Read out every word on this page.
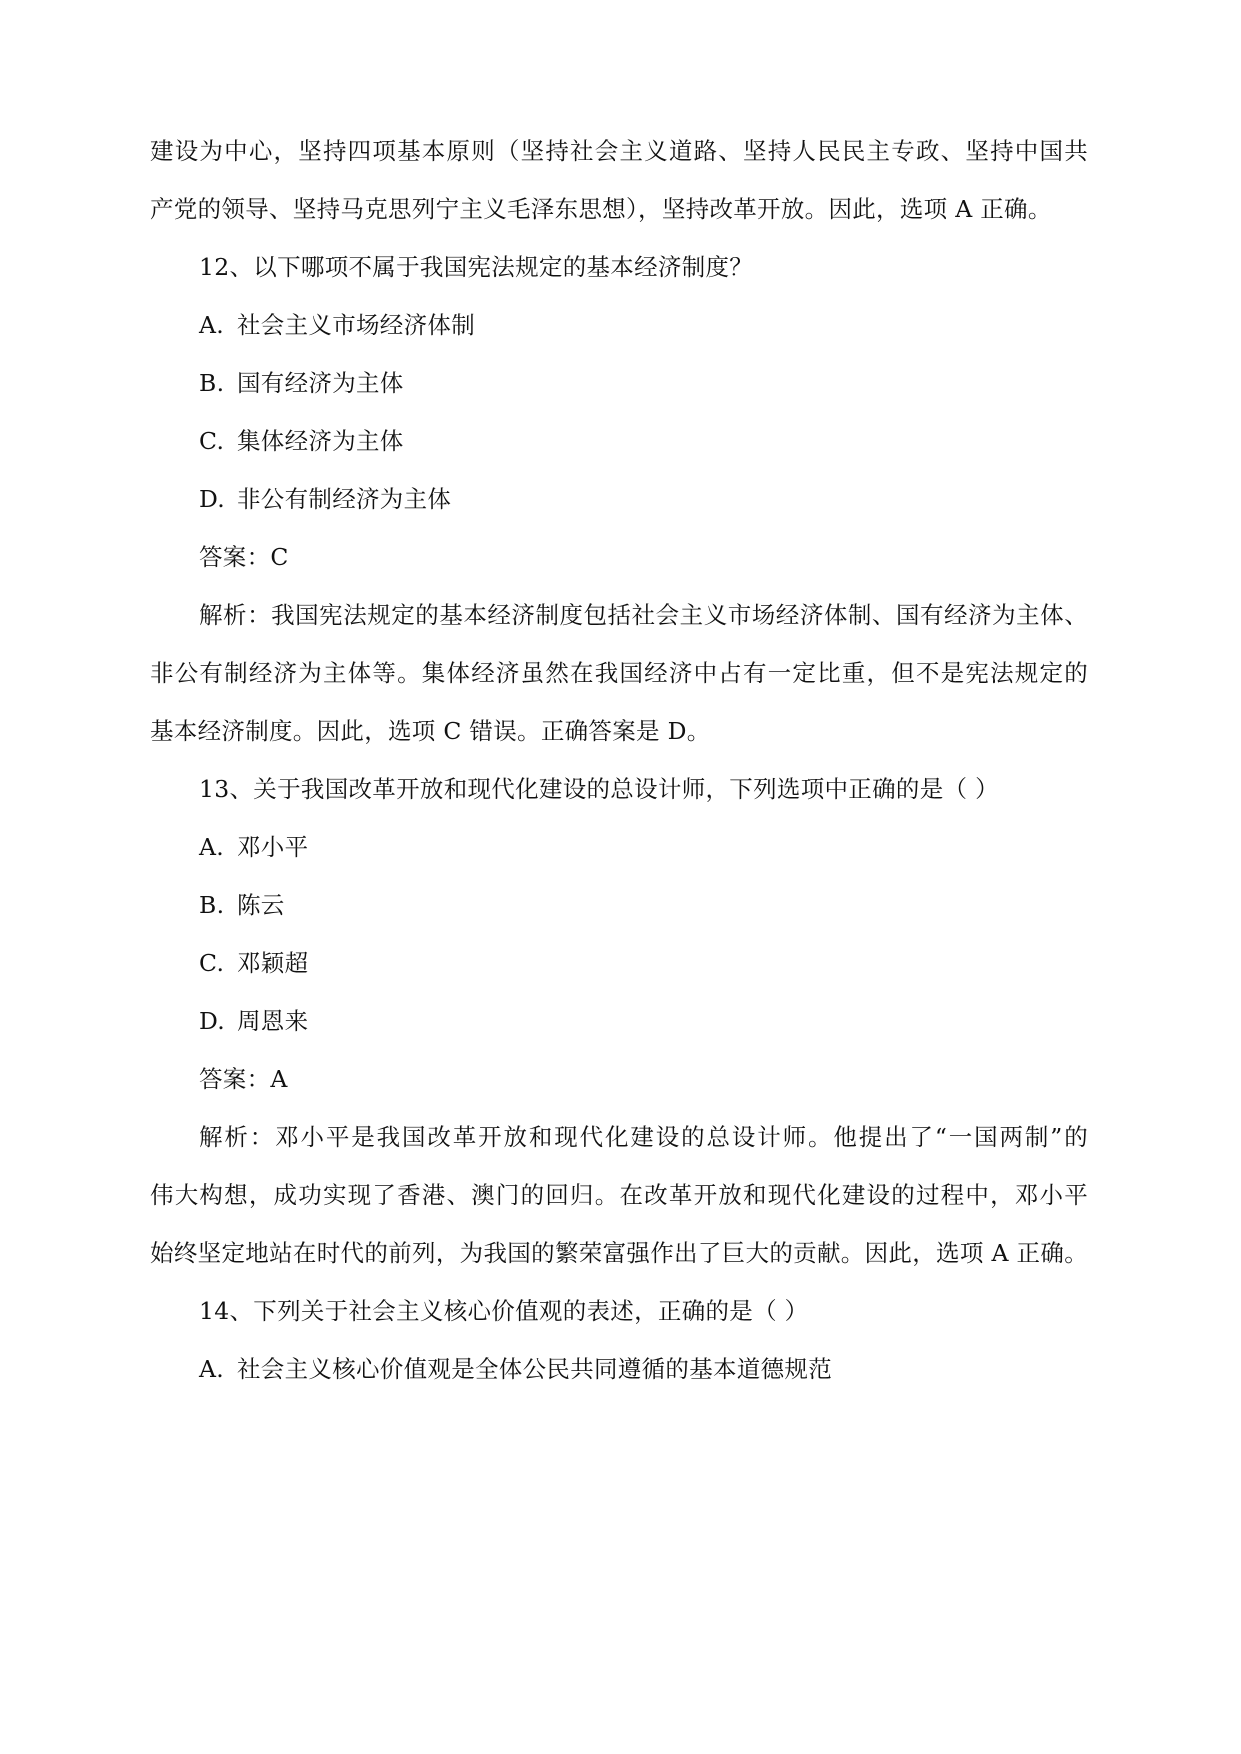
建设为中心，坚持四项基本原则（坚持社会主义道路、坚持人民民主专政、坚持中国共
产党的领导、坚持马克思列宁主义毛泽东思想），坚持改革开放。因此，选项 A 正确。
12、以下哪项不属于我国宪法规定的基本经济制度？
A. 社会主义市场经济体制
B. 国有经济为主体
C. 集体经济为主体
D. 非公有制经济为主体
答案：C
解析：我国宪法规定的基本经济制度包括社会主义市场经济体制、国有经济为主体、
非公有制经济为主体等。集体经济虽然在我国经济中占有一定比重，但不是宪法规定的
基本经济制度。因此，选项 C 错误。正确答案是 D。
13、关于我国改革开放和现代化建设的总设计师，下列选项中正确的是（ ）
A. 邓小平
B. 陈云
C. 邓颖超
D. 周恩来
答案：A
解析：邓小平是我国改革开放和现代化建设的总设计师。他提出了“一国两制”的
伟大构想，成功实现了香港、澳门的回归。在改革开放和现代化建设的过程中，邓小平
始终坚定地站在时代的前列，为我国的繁荣富强作出了巨大的贡献。因此，选项 A 正确。
14、下列关于社会主义核心价值观的表述，正确的是（ ）
A. 社会主义核心价值观是全体公民共同遵循的基本道德规范
